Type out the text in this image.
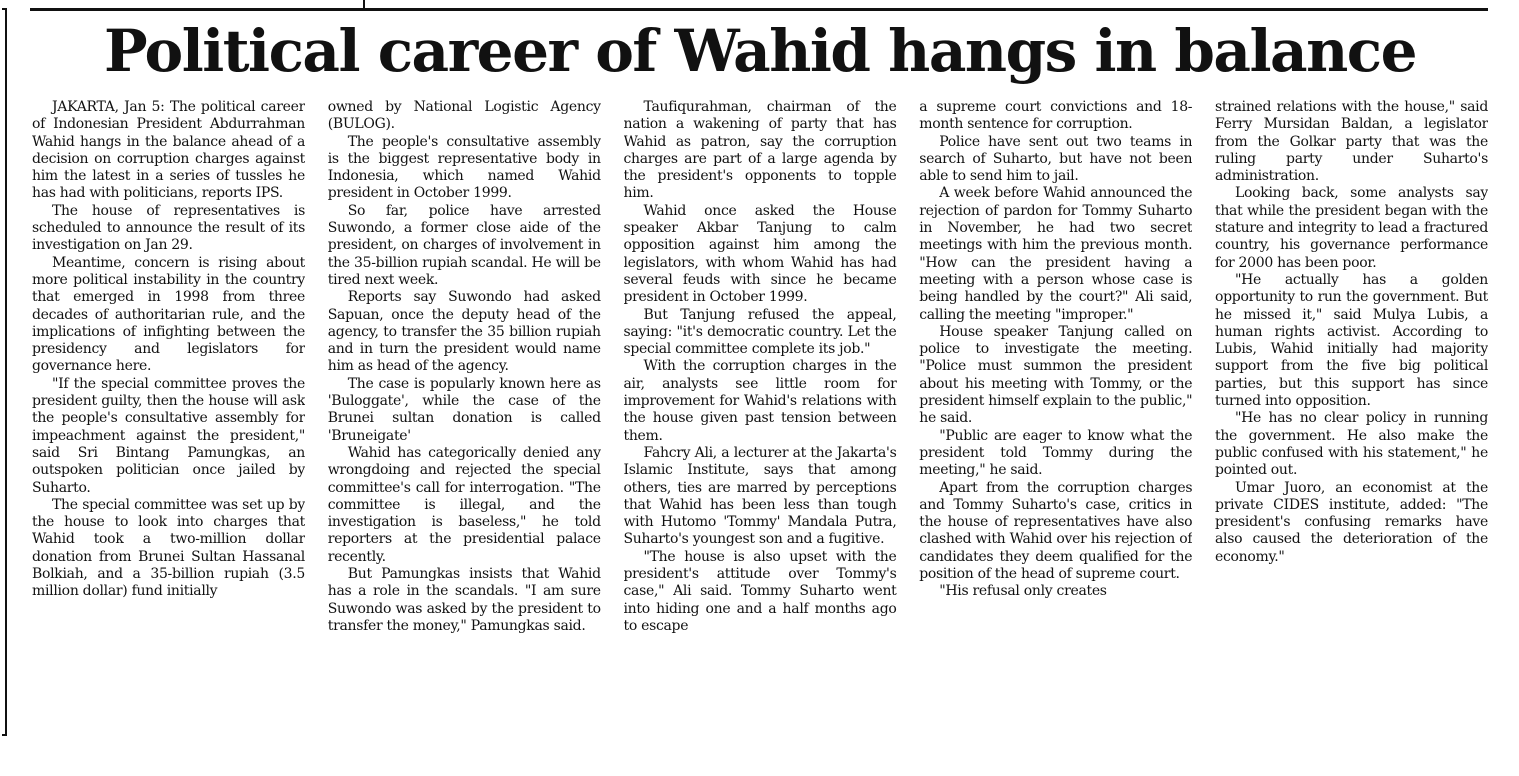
Political career of Wahid hangs in balance

JAKARTA, Jan 5: The political career of Indonesian President Abdurrahman Wahid hangs in the balance ahead of a decision on corruption charges against him the latest in a series of tussles he has had with politicians, reports IPS.

The house of representatives is scheduled to announce the result of its investigation on Jan 29.

Meantime, concern is rising about more political instability in the country that emerged in 1998 from three decades of authoritarian rule, and the implications of infighting between the presidency and legislators for governance here.

"If the special committee proves the president guilty, then the house will ask the people's consultative assembly for impeachment against the president," said Sri Bintang Pamungkas, an outspoken politician once jailed by Suharto.

The special committee was set up by the house to look into charges that Wahid took a two-million dollar donation from Brunei Sultan Hassanal Bolkiah, and a 35-billion rupiah (3.5 million dollar) fund initially

owned by National Logistic Agency (BULOG).

The people's consultative assembly is the biggest representative body in Indonesia, which named Wahid president in October 1999.

So far, police have arrested Suwondo, a former close aide of the president, on charges of involvement in the 35-billion rupiah scandal. He will be tired next week.

Reports say Suwondo had asked Sapuan, once the deputy head of the agency, to transfer the 35 billion rupiah and in turn the president would name him as head of the agency.

The case is popularly known here as 'Buloggate', while the case of the Brunei sultan donation is called 'Bruneigate'

Wahid has categorically denied any wrongdoing and rejected the special committee's call for interrogation. "The committee is illegal, and the investigation is baseless," he told reporters at the presidential palace recently.

But Pamungkas insists that Wahid has a role in the scandals. "I am sure Suwondo was asked by the president to transfer the money," Pamungkas said.

Taufiqurahman, chairman of the nation a wakening of party that has Wahid as patron, say the corruption charges are part of a large agenda by the president's opponents to topple him.

Wahid once asked the House speaker Akbar Tanjung to calm opposition against him among the legislators, with whom Wahid has had several feuds with since he became president in October 1999.

But Tanjung refused the appeal, saying: "it's democratic country. Let the special committee complete its job."

With the corruption charges in the air, analysts see little room for improvement for Wahid's relations with the house given past tension between them.

Fahcry Ali, a lecturer at the Jakarta's Islamic Institute, says that among others, ties are marred by perceptions that Wahid has been less than tough with Hutomo 'Tommy' Mandala Putra, Suharto's youngest son and a fugitive.

"The house is also upset with the president's attitude over Tommy's case," Ali said. Tommy Suharto went into hiding one and a half months ago to escape

a supreme court convictions and 18-month sentence for corruption.

Police have sent out two teams in search of Suharto, but have not been able to send him to jail.

A week before Wahid announced the rejection of pardon for Tommy Suharto in November, he had two secret meetings with him the previous month. "How can the president having a meeting with a person whose case is being handled by the court?" Ali said, calling the meeting "improper."

House speaker Tanjung called on police to investigate the meeting. "Police must summon the president about his meeting with Tommy, or the president himself explain to the public," he said.

"Public are eager to know what the president told Tommy during the meeting," he said.

Apart from the corruption charges and Tommy Suharto's case, critics in the house of representatives have also clashed with Wahid over his rejection of candidates they deem qualified for the position of the head of supreme court.

"His refusal only creates

strained relations with the house," said Ferry Mursidan Baldan, a legislator from the Golkar party that was the ruling party under Suharto's administration.

Looking back, some analysts say that while the president began with the stature and integrity to lead a fractured country, his governance performance for 2000 has been poor.

"He actually has a golden opportunity to run the government. But he missed it," said Mulya Lubis, a human rights activist. According to Lubis, Wahid initially had majority support from the five big political parties, but this support has since turned into opposition.

"He has no clear policy in running the government. He also make the public confused with his statement," he pointed out.

Umar Juoro, an economist at the private CIDES institute, added: "The president's confusing remarks have also caused the deterioration of the economy."
